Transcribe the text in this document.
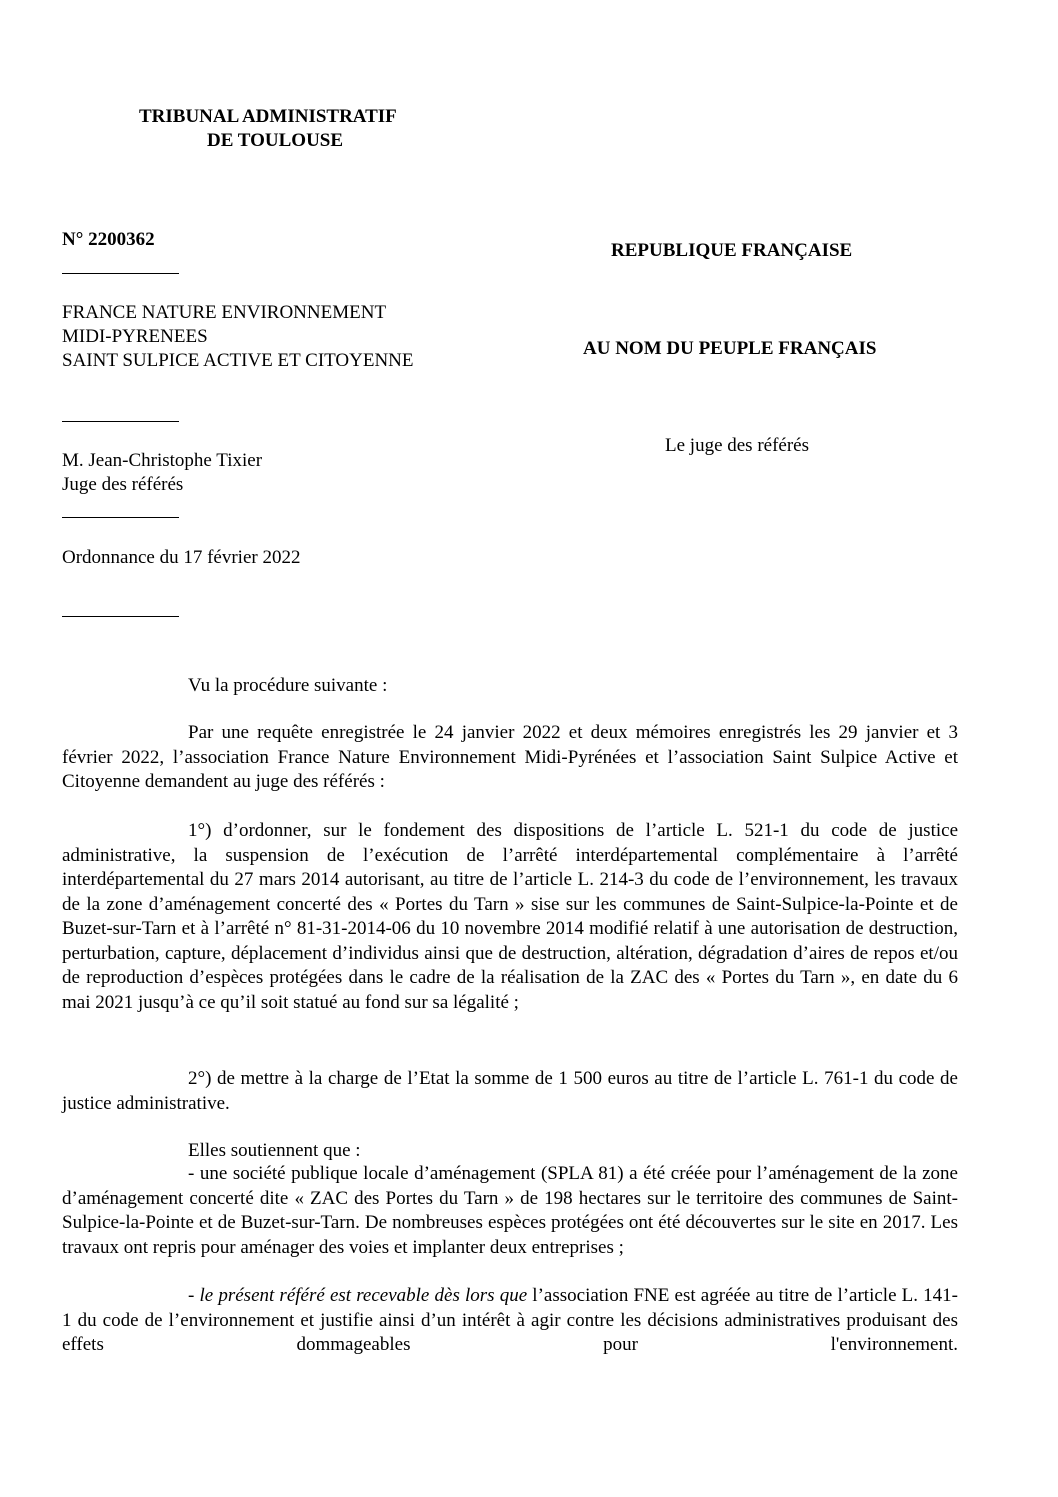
TRIBUNAL ADMINISTRATIF
DE TOULOUSE
N° 2200362
REPUBLIQUE FRANÇAISE
FRANCE NATURE ENVIRONNEMENT
MIDI-PYRENEES
SAINT SULPICE ACTIVE ET CITOYENNE
AU NOM DU PEUPLE FRANÇAIS
Le juge des référés
M. Jean-Christophe Tixier
Juge des référés
Ordonnance du 17 février 2022
Vu la procédure suivante :
Par une requête enregistrée le 24 janvier 2022 et deux mémoires enregistrés les 29 janvier et 3 février 2022, l’association France Nature Environnement Midi-Pyrénées et l’association Saint Sulpice Active et Citoyenne demandent au juge des référés :
1°) d’ordonner, sur le fondement des dispositions de l’article L. 521-1 du code de justice administrative, la suspension de l’exécution de l’arrêté interdépartemental complémentaire à l’arrêté interdépartemental du 27 mars 2014 autorisant, au titre de l’article L. 214-3 du code de l’environnement, les travaux de la zone d’aménagement concerté des « Portes du Tarn » sise sur les communes de Saint-Sulpice-la-Pointe et de Buzet-sur-Tarn et à l’arrêté n° 81-31-2014-06 du 10 novembre 2014 modifié relatif à une autorisation de destruction, perturbation, capture, déplacement d’individus ainsi que de destruction, altération, dégradation d’aires de repos et/ou de reproduction d’espèces protégées dans le cadre de la réalisation de la ZAC des « Portes du Tarn », en date du 6 mai 2021 jusqu’à ce qu’il soit statué au fond sur sa légalité ;
2°) de mettre à la charge de l’Etat la somme de 1 500 euros au titre de l’article L. 761-1 du code de justice administrative.
Elles soutiennent que :
- une société publique locale d’aménagement (SPLA 81) a été créée pour l’aménagement de la zone d’aménagement concerté dite « ZAC des Portes du Tarn » de 198 hectares sur le territoire des communes de Saint-Sulpice-la-Pointe et de Buzet-sur-Tarn. De nombreuses espèces protégées ont été découvertes sur le site en 2017. Les travaux ont repris pour aménager des voies et implanter deux entreprises ;
- le présent référé est recevable dès lors que l’association FNE est agréée au titre de l’article L. 141-1 du code de l’environnement et justifie ainsi d’un intérêt à agir contre les décisions administratives produisant des effets dommageables pour l'environnement.
